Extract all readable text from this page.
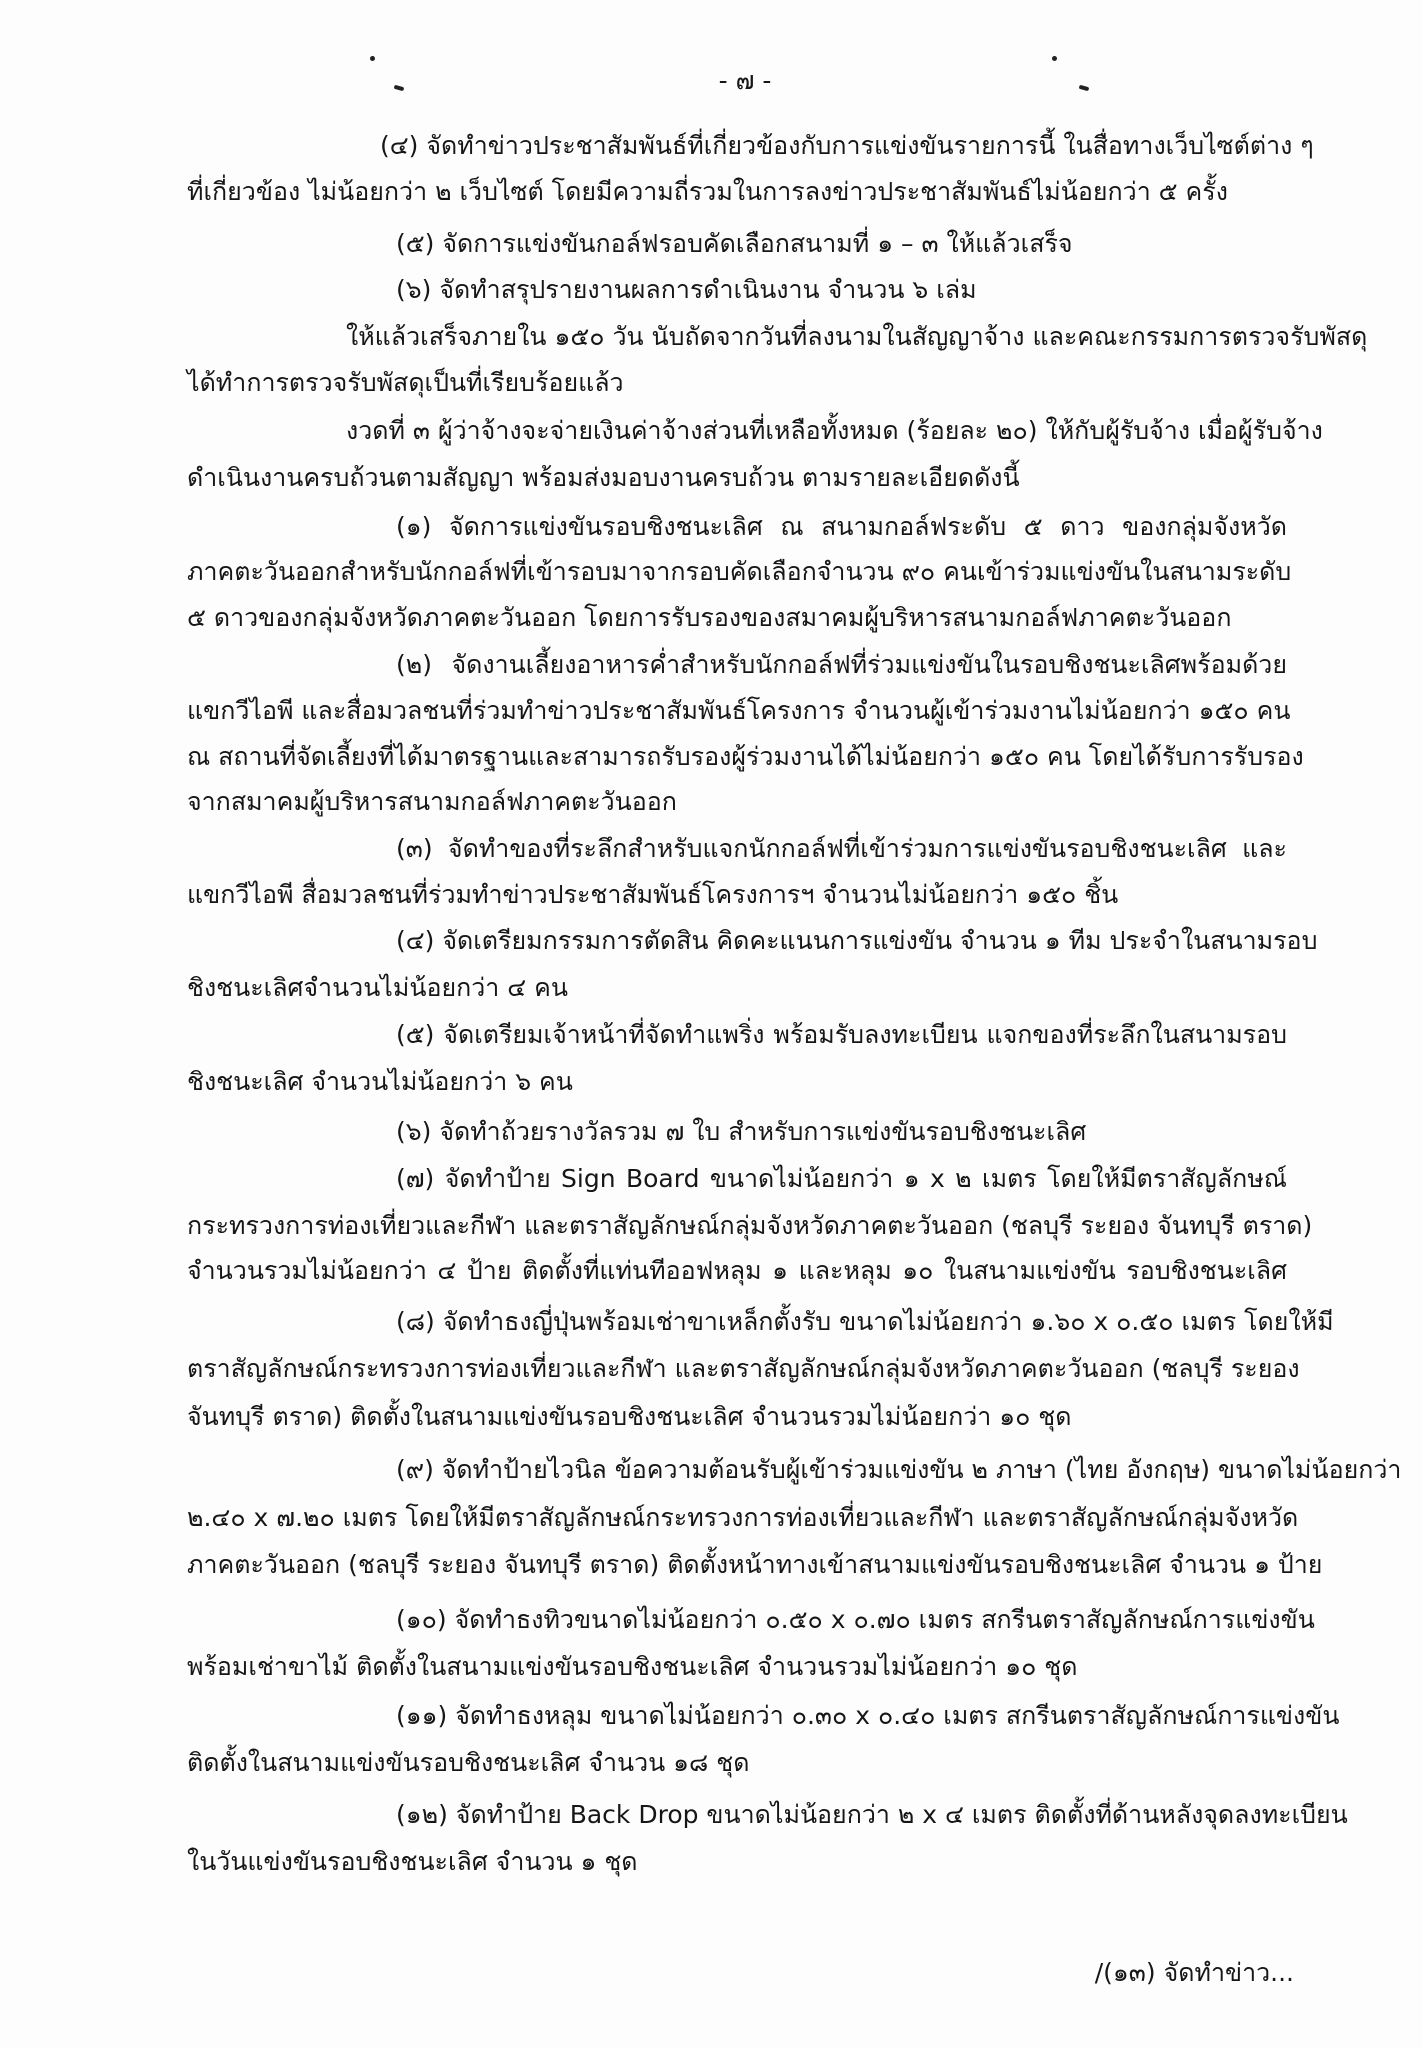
- ๗ -
(๔) จัดทำข่าวประชาสัมพันธ์ที่เกี่ยวข้องกับการแข่งขันรายการนี้ ในสื่อทางเว็บไซต์ต่าง ๆ
ที่เกี่ยวข้อง ไม่น้อยกว่า ๒ เว็บไซต์ โดยมีความถี่รวมในการลงข่าวประชาสัมพันธ์ไม่น้อยกว่า ๕ ครั้ง
(๕) จัดการแข่งขันกอล์ฟรอบคัดเลือกสนามที่ ๑ – ๓ ให้แล้วเสร็จ
(๖) จัดทำสรุปรายงานผลการดำเนินงาน จำนวน ๖ เล่ม
ให้แล้วเสร็จภายใน ๑๕๐ วัน นับถัดจากวันที่ลงนามในสัญญาจ้าง และคณะกรรมการตรวจรับพัสดุ
ได้ทำการตรวจรับพัสดุเป็นที่เรียบร้อยแล้ว
งวดที่ ๓ ผู้ว่าจ้างจะจ่ายเงินค่าจ้างส่วนที่เหลือทั้งหมด (ร้อยละ ๒๐) ให้กับผู้รับจ้าง เมื่อผู้รับจ้าง
ดำเนินงานครบถ้วนตามสัญญา พร้อมส่งมอบงานครบถ้วน ตามรายละเอียดดังนี้
(๑) จัดการแข่งขันรอบชิงชนะเลิศ ณ สนามกอล์ฟระดับ ๕ ดาว ของกลุ่มจังหวัด
ภาคตะวันออกสำหรับนักกอล์ฟที่เข้ารอบมาจากรอบคัดเลือกจำนวน ๙๐ คนเข้าร่วมแข่งขันในสนามระดับ
๕ ดาวของกลุ่มจังหวัดภาคตะวันออก โดยการรับรองของสมาคมผู้บริหารสนามกอล์ฟภาคตะวันออก
(๒) จัดงานเลี้ยงอาหารค่ำสำหรับนักกอล์ฟที่ร่วมแข่งขันในรอบชิงชนะเลิศพร้อมด้วย
แขกวีไอพี และสื่อมวลชนที่ร่วมทำข่าวประชาสัมพันธ์โครงการ จำนวนผู้เข้าร่วมงานไม่น้อยกว่า ๑๕๐ คน
ณ สถานที่จัดเลี้ยงที่ได้มาตรฐานและสามารถรับรองผู้ร่วมงานได้ไม่น้อยกว่า ๑๕๐ คน โดยได้รับการรับรอง
จากสมาคมผู้บริหารสนามกอล์ฟภาคตะวันออก
(๓) จัดทำของที่ระลึกสำหรับแจกนักกอล์ฟที่เข้าร่วมการแข่งขันรอบชิงชนะเลิศ และ
แขกวีไอพี สื่อมวลชนที่ร่วมทำข่าวประชาสัมพันธ์โครงการฯ จำนวนไม่น้อยกว่า ๑๕๐ ชิ้น
(๔) จัดเตรียมกรรมการตัดสิน คิดคะแนนการแข่งขัน จำนวน ๑ ทีม ประจำในสนามรอบ
ชิงชนะเลิศจำนวนไม่น้อยกว่า ๔ คน
(๕) จัดเตรียมเจ้าหน้าที่จัดทำแพริ่ง พร้อมรับลงทะเบียน แจกของที่ระลึกในสนามรอบ
ชิงชนะเลิศ จำนวนไม่น้อยกว่า ๖ คน
(๖) จัดทำถ้วยรางวัลรวม ๗ ใบ สำหรับการแข่งขันรอบชิงชนะเลิศ
(๗) จัดทำป้าย Sign Board ขนาดไม่น้อยกว่า ๑ x ๒ เมตร โดยให้มีตราสัญลักษณ์
กระทรวงการท่องเที่ยวและกีฬา และตราสัญลักษณ์กลุ่มจังหวัดภาคตะวันออก (ชลบุรี ระยอง จันทบุรี ตราด)
จำนวนรวมไม่น้อยกว่า ๔ ป้าย ติดตั้งที่แท่นทีออฟหลุม ๑ และหลุม ๑๐ ในสนามแข่งขัน รอบชิงชนะเลิศ
(๘) จัดทำธงญี่ปุ่นพร้อมเช่าขาเหล็กตั้งรับ ขนาดไม่น้อยกว่า ๑.๖๐ x ๐.๕๐ เมตร โดยให้มี
ตราสัญลักษณ์กระทรวงการท่องเที่ยวและกีฬา และตราสัญลักษณ์กลุ่มจังหวัดภาคตะวันออก (ชลบุรี ระยอง
จันทบุรี ตราด) ติดตั้งในสนามแข่งขันรอบชิงชนะเลิศ จำนวนรวมไม่น้อยกว่า ๑๐ ชุด
(๙) จัดทำป้ายไวนิล ข้อความต้อนรับผู้เข้าร่วมแข่งขัน ๒ ภาษา (ไทย อังกฤษ) ขนาดไม่น้อยกว่า
๒.๔๐ x ๗.๒๐ เมตร โดยให้มีตราสัญลักษณ์กระทรวงการท่องเที่ยวและกีฬา และตราสัญลักษณ์กลุ่มจังหวัด
ภาคตะวันออก (ชลบุรี ระยอง จันทบุรี ตราด) ติดตั้งหน้าทางเข้าสนามแข่งขันรอบชิงชนะเลิศ จำนวน ๑ ป้าย
(๑๐) จัดทำธงทิวขนาดไม่น้อยกว่า ๐.๕๐ x ๐.๗๐ เมตร สกรีนตราสัญลักษณ์การแข่งขัน
พร้อมเช่าขาไม้ ติดตั้งในสนามแข่งขันรอบชิงชนะเลิศ จำนวนรวมไม่น้อยกว่า ๑๐ ชุด
(๑๑) จัดทำธงหลุม ขนาดไม่น้อยกว่า ๐.๓๐ x ๐.๔๐ เมตร สกรีนตราสัญลักษณ์การแข่งขัน
ติดตั้งในสนามแข่งขันรอบชิงชนะเลิศ จำนวน ๑๘ ชุด
(๑๒) จัดทำป้าย Back Drop ขนาดไม่น้อยกว่า ๒ x ๔ เมตร ติดตั้งที่ด้านหลังจุดลงทะเบียน
ในวันแข่งขันรอบชิงชนะเลิศ จำนวน ๑ ชุด
/(๑๓) จัดทำข่าว...
